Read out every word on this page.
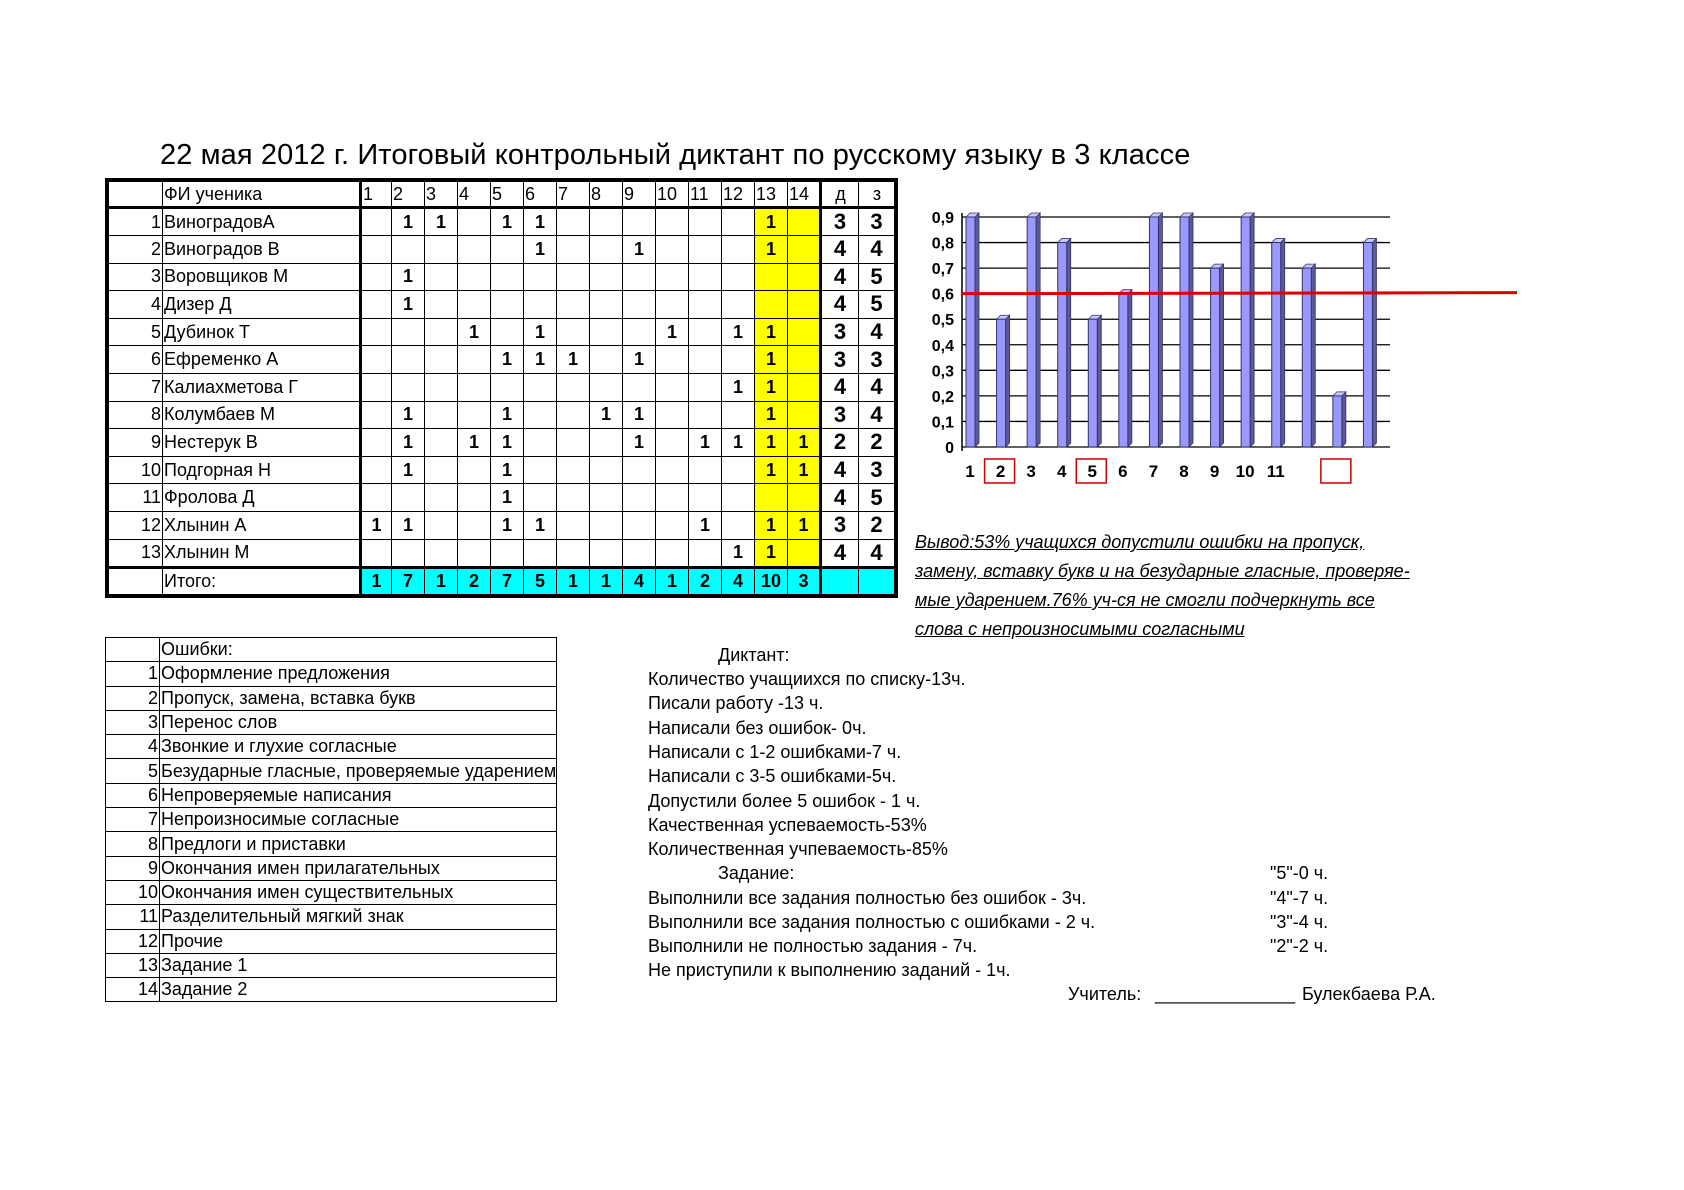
22 мая 2012 г. Итоговый контрольный диктант по русскому языку в 3 классе
	ФИ ученика	1	2	3	4	5	6	7	8	9	10	11	12	13	14	д	з
1	ВиноградовА		1	1		1	1							1		3	3
2	Виноградов В						1			1				1		4	4
3	Воровщиков М		1													4	5
4	Дизер Д		1													4	5
5	Дубинок Т				1		1				1		1	1		3	4
6	Ефременко А					1	1	1		1				1		3	3
7	Калиахметова Г												1	1		4	4
8	Колумбаев М		1			1			1	1				1		3	4
9	Нестерук В		1		1	1				1		1	1	1	1	2	2
10	Подгорная Н		1			1								1	1	4	3
11	Фролова Д					1										4	5
12	Хлынин А	1	1			1	1					1		1	1	3	2
13	Хлынин М												1	1		4	4
	Итого:	1	7	1	2	7	5	1	1	4	1	2	4	10	3		
0
0,1
0,2
0,3
0,4
0,5
0,6
0,7
0,8
0,9
1 2 3 4 5 6 7 8 9 10 11
Вывод:53% учащихся допустили ошибки на пропуск,
замену, вставку букв и на безударные гласные, проверяе-
мые ударением.76% уч-ся не смогли подчеркнуть все
слова с непроизносимыми согласными
	Ошибки:
1	Оформление предложения
2	Пропуск, замена, вставка букв
3	Перенос слов
4	Звонкие и глухие согласные
5	Безударные гласные, проверяемые ударением
6	Непроверяемые написания
7	Непроизносимые согласные
8	Предлоги и приставки
9	Окончания имен прилагательных
10	Окончания имен существительных
11	Разделительный мягкий знак
12	Прочие
13	Задание 1
14	Задание 2
Диктант:
Количество учащиихся по списку-13ч.
Писали работу -13 ч.
Написали без ошибок- 0ч.
Написали с 1-2 ошибками-7 ч.
Написали с 3-5 ошибками-5ч.
Допустили более 5 ошибок - 1 ч.
Качественная успеваемость-53%
Количественная учпеваемость-85%
Задание:
Выполнили все задания полностью без ошибок - 3ч.
Выполнили все задания полностью с ошибками - 2 ч.
Выполнили не полностью задания - 7ч.
Не приступили к выполнению заданий - 1ч.
"5"-0 ч.
"4"-7 ч.
"3"-4 ч.
"2"-2 ч.
Учитель: ______________ Булекбаева Р.А.
